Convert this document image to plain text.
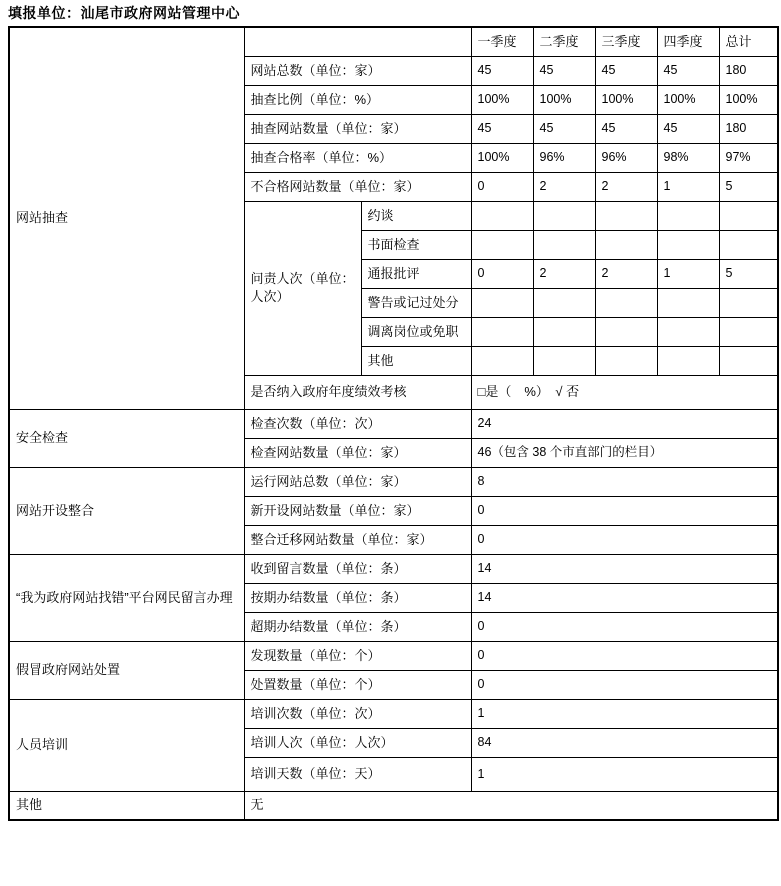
填报单位：汕尾市政府网站管理中心
网站抽查			一季度	二季度	三季度	四季度	总计
	网站总数（单位：家）		45	45	45	45	180
	抽查比例（单位：%）		100%	100%	100%	100%	100%
	抽查网站数量（单位：家）		45	45	45	45	180
	抽查合格率（单位：%）		100%	96%	96%	98%	97%
	不合格网站数量（单位：家）		0	2	2	1	5
	问责人次（单位：人次）	约谈					
		书面检查					
		通报批评	0	2	2	1	5
		警告或记过处分					
		调离岗位或免职					
		其他					
	是否纳入政府年度绩效考核		□是（　%）　√ 否				
安全检查	检查次数（单位：次）		24				
	检查网站数量（单位：家）		46（包含 38 个市直部门的栏目）				
网站开设整合	运行网站总数（单位：家）		8				
	新开设网站数量（单位：家）		0				
	整合迁移网站数量（单位：家）		0				
“我为政府网站找错”平台网民留言办理	收到留言数量（单位：条）		14				
	按期办结数量（单位：条）		14				
	超期办结数量（单位：条）		0				
假冒政府网站处置	发现数量（单位：个）		0				
	处置数量（单位：个）		0				
人员培训	培训次数（单位：次）		1				
	培训人次（单位：人次）		84				
	培训天数（单位：天）		1				
其他	无						
